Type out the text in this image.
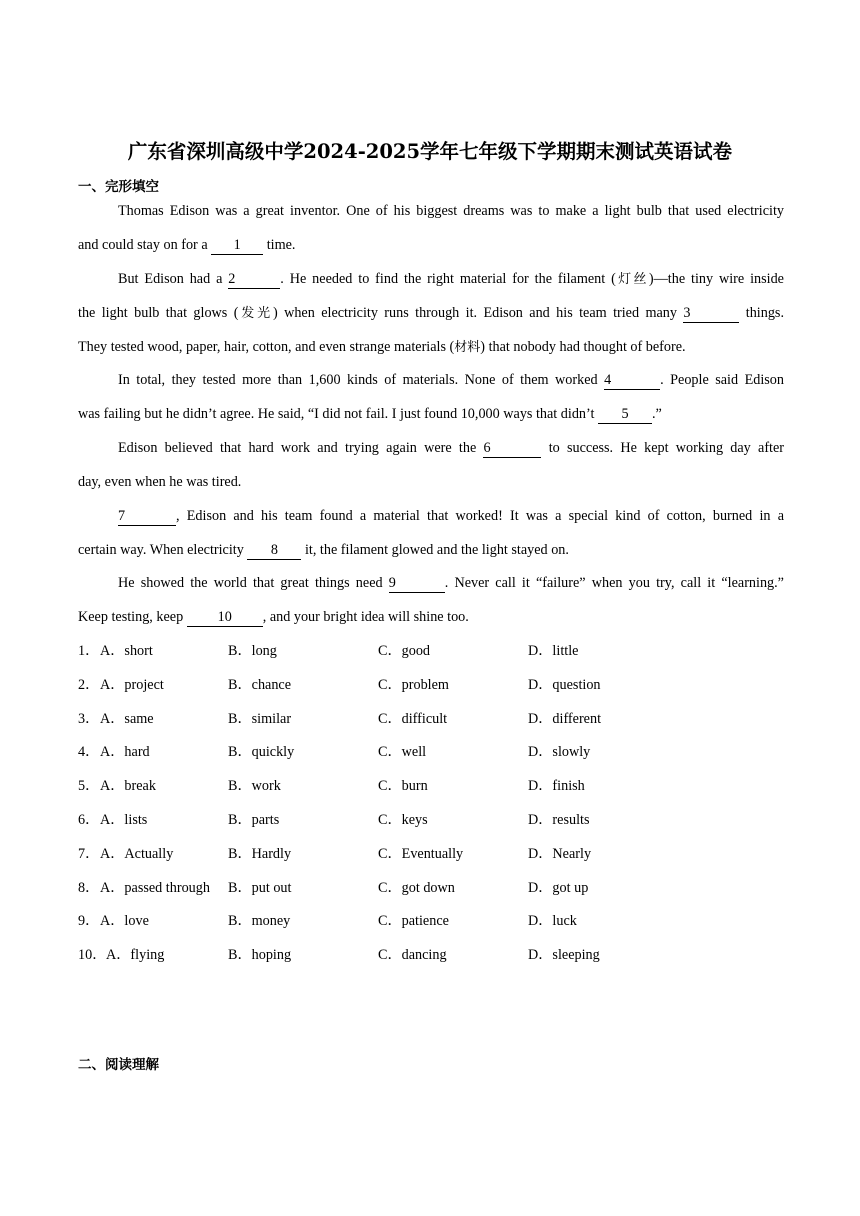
广东省深圳高级中学2024-2025学年七年级下学期期末测试英语试卷
一、完形填空
Thomas Edison was a great inventor. One of his biggest dreams was to make a light bulb that used electricity
and could stay on for a 1 time.
But Edison had a 2	. He needed to find the right material for the filament (灯丝)—the tiny wire inside
the light bulb that glows (发光) when electricity runs through it. Edison and his team tried many 3	things.
They tested wood, paper, hair, cotton, and even strange materials (材料) that nobody had thought of before.
In total, they tested more than 1,600 kinds of materials. None of them worked 4	. People said Edison
was failing but he didn’t agree. He said, “I did not fail. I just found 10,000 ways that didn’t 5 .”
Edison believed that hard work and trying again were the 6	to success. He kept working day after
day, even when he was tired.
7	, Edison and his team found a material that worked! It was a special kind of cotton, burned in a
certain way. When electricity 8 it, the filament glowed and the light stayed on.
He showed the world that great things need 9	. Never call it “failure” when you try, call it “learning.”
Keep testing, keep 10 , and your bright idea will shine too.
1． A．short	B．long	C．good	D．little
2． A．project	B．chance	C．problem	D．question
3． A．same	B．similar	C．difficult	D．different
4． A．hard	B．quickly	C．well	D．slowly
5． A．break	B．work	C．burn	D．finish
6． A．lists	B．parts	C．keys	D．results
7． A．Actually	B．Hardly	C．Eventually	D．Nearly
8． A．passed through B．put out	C．got down	D．got up
9． A．love	B．money	C．patience	D．luck
10． A．flying	B．hoping	C．dancing	D．sleeping
二、阅读理解
